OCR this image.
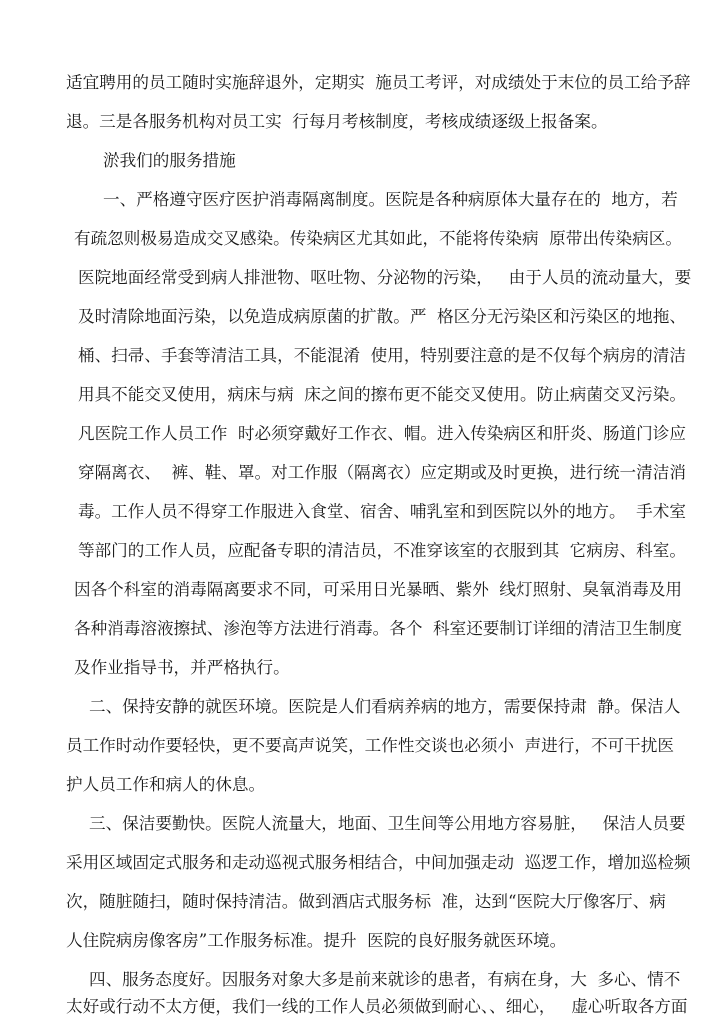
适宜聘用的员工随时实施辞退外，定期实  施员工考评，对成绩处于末位的员工给予辞
退。三是各服务机构对员工实  行每月考核制度，考核成绩逐级上报备案。
淤我们的服务措施
一、严格遵守医疗医护消毒隔离制度。医院是各种病原体大量存在的  地方，若
有疏忽则极易造成交叉感染。传染病区尤其如此，不能将传染病  原带出传染病区。
医院地面经常受到病人排泄物、呕吐物、分泌物的污染，   由于人员的流动量大，要
及时清除地面污染，以免造成病原菌的扩散。严  格区分无污染区和污染区的地拖、
桶、扫帚、手套等清洁工具，不能混淆  使用，特别要注意的是不仅每个病房的清洁
用具不能交叉使用，病床与病  床之间的擦布更不能交叉使用。防止病菌交叉污染。
凡医院工作人员工作  时必须穿戴好工作衣、帽。进入传染病区和肝炎、肠道门诊应
穿隔离衣、  裤、鞋、罩。对工作服（隔离衣）应定期或及时更换，进行统一清洁消
毒。工作人员不得穿工作服进入食堂、宿舍、哺乳室和到医院以外的地方。  手术室
等部门的工作人员，应配备专职的清洁员，不准穿该室的衣服到其  它病房、科室。
因各个科室的消毒隔离要求不同，可采用日光暴晒、紫外  线灯照射、臭氧消毒及用
各种消毒溶液擦拭、渗泡等方法进行消毒。各个  科室还要制订详细的清洁卫生制度
及作业指导书，并严格执行。
二、保持安静的就医环境。医院是人们看病养病的地方，需要保持肃  静。保洁人
员工作时动作要轻快，更不要高声说笑，工作性交谈也必须小  声进行，不可干扰医
护人员工作和病人的休息。
三、保洁要勤快。医院人流量大，地面、卫生间等公用地方容易脏，   保洁人员要
采用区域固定式服务和走动巡视式服务相结合，中间加强走动  巡逻工作，增加巡检频
次，随脏随扫，随时保持清洁。做到酒店式服务标  准，达到“医院大厅像客厅、病
人住院病房像客房”工作服务标准。提升  医院的良好服务就医环境。
四、服务态度好。因服务对象大多是前来就诊的患者，有病在身，大  多心、情不
太好或行动不太方便，我们一线的工作人员必须做到耐心、、细心，   虚心听取各方面
